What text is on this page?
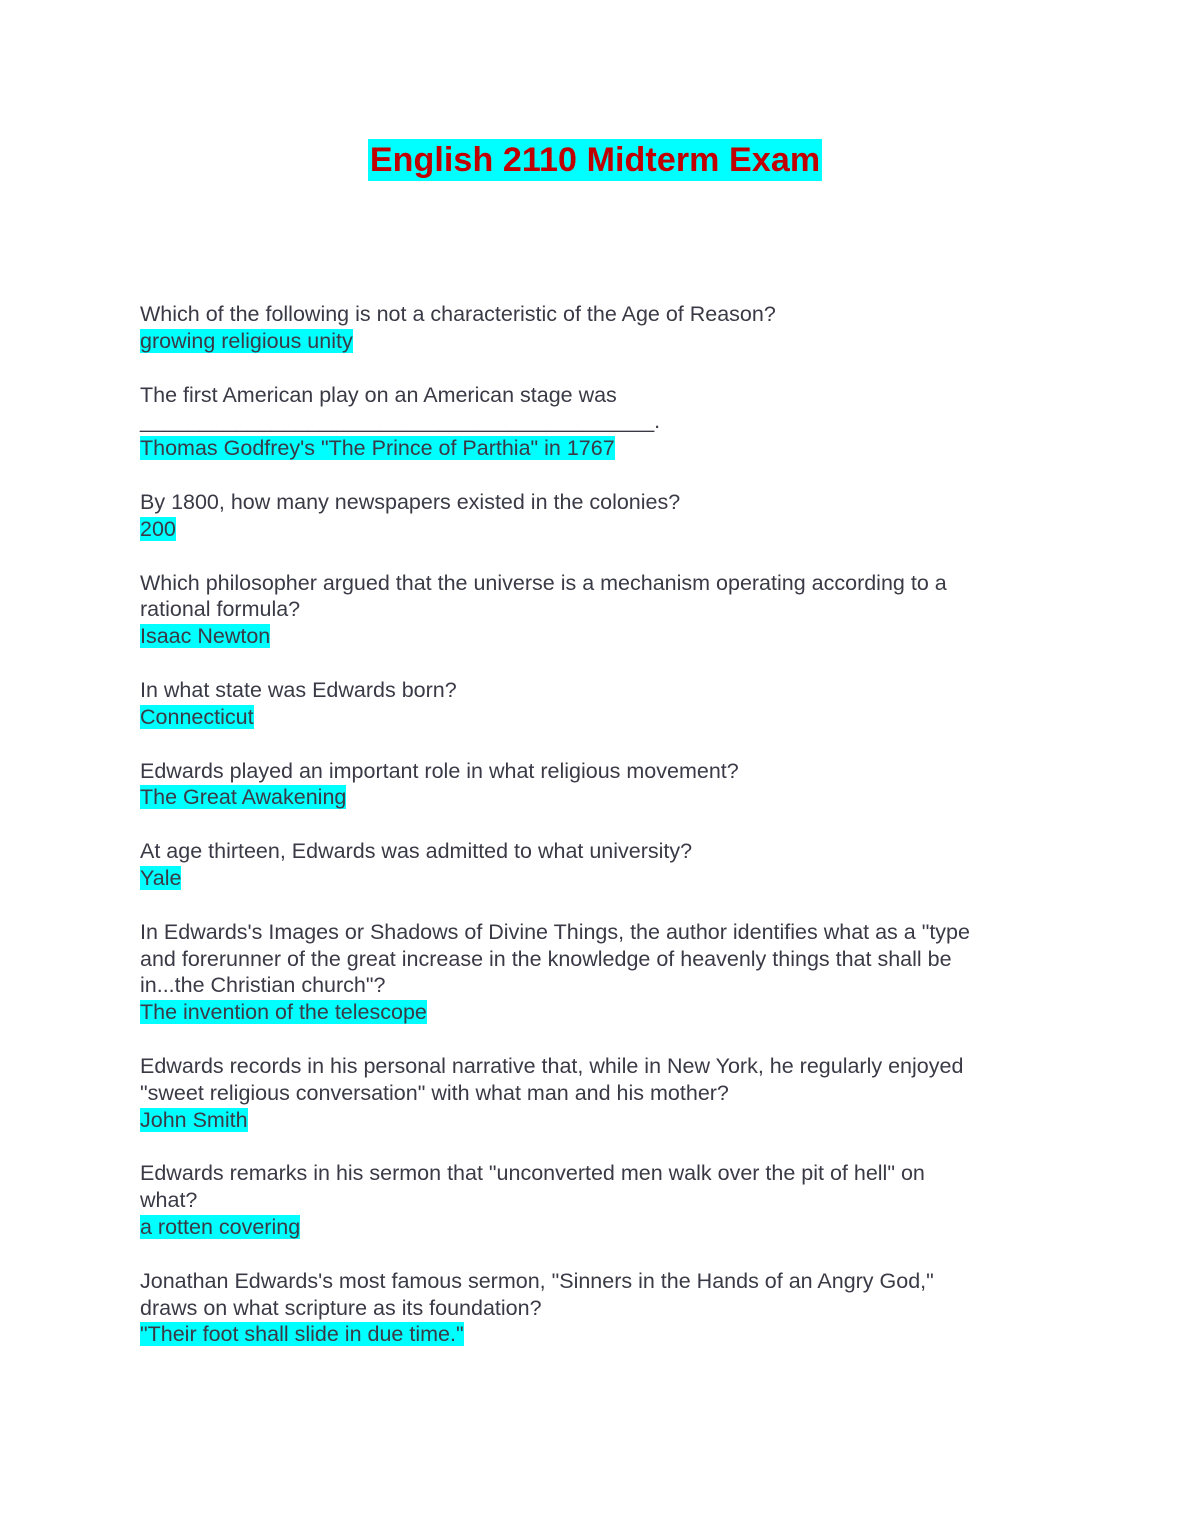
English 2110 Midterm Exam

Which of the following is not a characteristic of the Age of Reason?

growing religious unity

The first American play on an American stage was
___________________________________________.

Thomas Godfrey's "The Prince of Parthia" in 1767

By 1800, how many newspapers existed in the colonies?

200

Which philosopher argued that the universe is a mechanism operating according to a
rational formula?

Isaac Newton

In what state was Edwards born?

Connecticut

Edwards played an important role in what religious movement?

The Great Awakening

At age thirteen, Edwards was admitted to what university?

Yale

In Edwards's Images or Shadows of Divine Things, the author identifies what as a "type
and forerunner of the great increase in the knowledge of heavenly things that shall be
in...the Christian church"?

The invention of the telescope

Edwards records in his personal narrative that, while in New York, he regularly enjoyed
"sweet religious conversation" with what man and his mother?

John Smith

Edwards remarks in his sermon that "unconverted men walk over the pit of hell" on
what?

a rotten covering

Jonathan Edwards's most famous sermon, "Sinners in the Hands of an Angry God,"
draws on what scripture as its foundation?

"Their foot shall slide in due time."
